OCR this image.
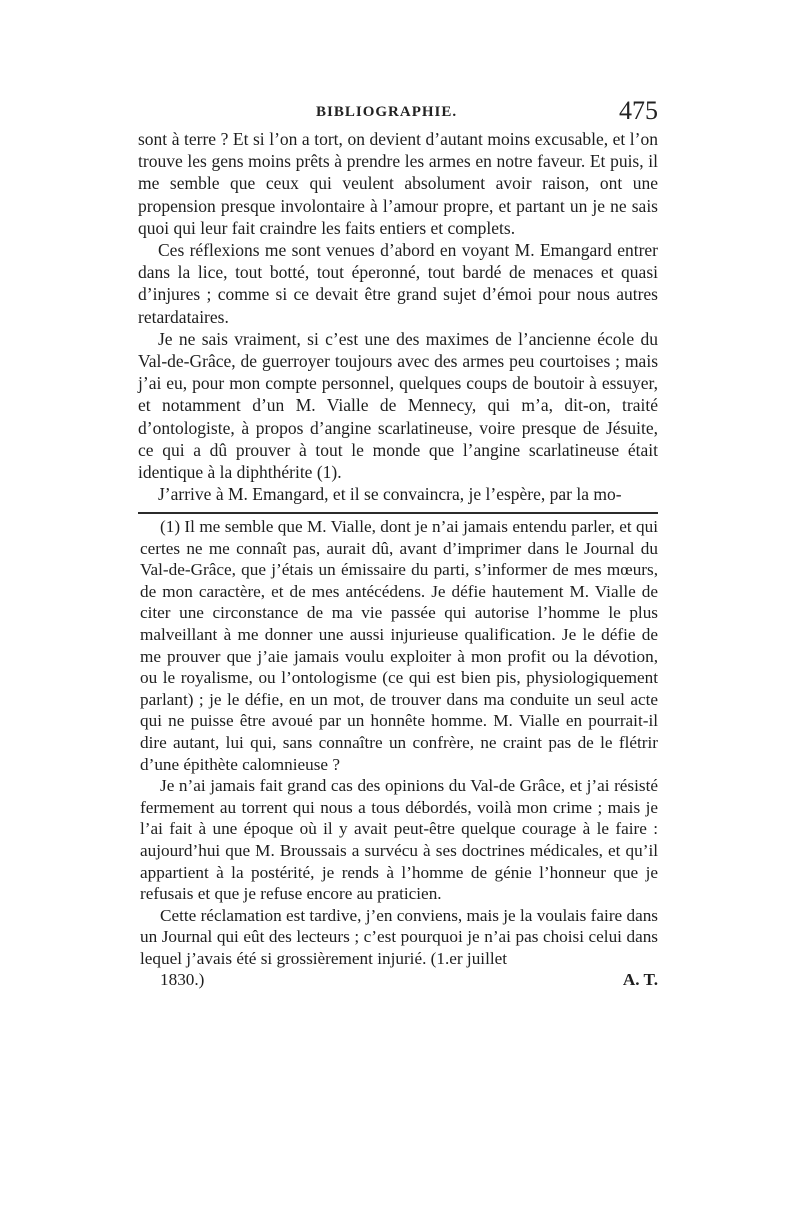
BIBLIOGRAPHIE.	475

sont à terre ? Et si l’on a tort, on devient d’autant moins excusable, et l’on trouve les gens moins prêts à prendre les armes en notre faveur. Et puis, il me semble que ceux qui veulent absolument avoir raison, ont une propension presque involontaire à l’amour propre, et partant un je ne sais quoi qui leur fait craindre les faits entiers et complets.

Ces réflexions me sont venues d’abord en voyant M. Emangard entrer dans la lice, tout botté, tout éperonné, tout bardé de menaces et quasi d’injures ; comme si ce devait être grand sujet d’émoi pour nous autres retardataires.

Je ne sais vraiment, si c’est une des maximes de l’ancienne école du Val-de-Grâce, de guerroyer toujours avec des armes peu courtoises ; mais j’ai eu, pour mon compte personnel, quelques coups de boutoir à essuyer, et notamment d’un M. Vialle de Mennecy, qui m’a, dit-on, traité d’ontologiste, à propos d’angine scarlatineuse, voire presque de Jésuite, ce qui a dû prouver à tout le monde que l’angine scarlatineuse était identique à la diphthérite (1).

J’arrive à M. Emangard, et il se convaincra, je l’espère, par la mo-

(1) Il me semble que M. Vialle, dont je n’ai jamais entendu parler, et qui certes ne me connaît pas, aurait dû, avant d’imprimer dans le Journal du Val-de-Grâce, que j’étais un émissaire du parti, s’informer de mes mœurs, de mon caractère, et de mes antécédens. Je défie hautement M. Vialle de citer une circonstance de ma vie passée qui autorise l’homme le plus malveillant à me donner une aussi injurieuse qualification. Je le défie de me prouver que j’aie jamais voulu exploiter à mon profit ou la dévotion, ou le royalisme, ou l’ontologisme (ce qui est bien pis, physiologiquement parlant) ; je le défie, en un mot, de trouver dans ma conduite un seul acte qui ne puisse être avoué par un honnête homme. M. Vialle en pourrait-il dire autant, lui qui, sans connaître un confrère, ne craint pas de le flétrir d’une épithète calomnieuse ?

Je n’ai jamais fait grand cas des opinions du Val-de Grâce, et j’ai résisté fermement au torrent qui nous a tous débordés, voilà mon crime ; mais je l’ai fait à une époque où il y avait peut-être quelque courage à le faire : aujourd’hui que M. Broussais a survécu à ses doctrines médicales, et qu’il appartient à la postérité, je rends à l’homme de génie l’honneur que je refusais et que je refuse encore au praticien.

Cette réclamation est tardive, j’en conviens, mais je la voulais faire dans un Journal qui eût des lecteurs ; c’est pourquoi je n’ai pas choisi celui dans lequel j’avais été si grossièrement injurié. (1.er juillet

1830.)	A. T.
